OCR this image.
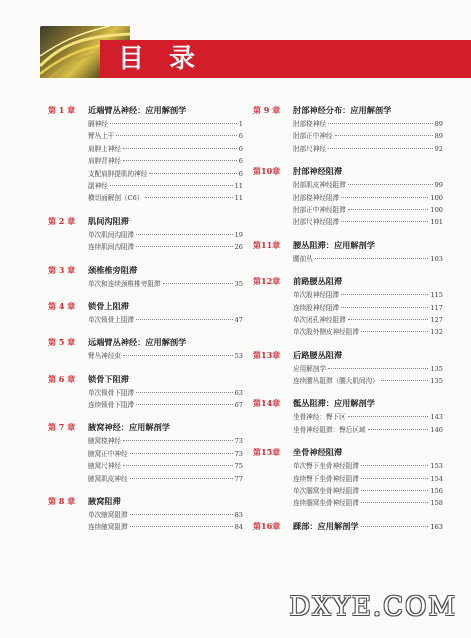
目 录
第 1 章	近端臂丛神经：应用解剖学
膈神经	1
臂丛上干	6
肩胛上神经	6
肩胛背神经	6
支配肩胛提肌的神经	6
副神经	11
横切面解剖（C6）	11
第 2 章	肌间沟阻滞
单次肌间沟阻滞	19
连续肌间沟阻滞	26
第 3 章	颈椎椎旁阻滞
单次和连续颈椎椎旁阻滞	35
第 4 章	锁骨上阻滞
单次锁骨上阻滞	47
第 5 章	远端臂丛神经：应用解剖学
臂丛神经束	53
第 6 章	锁骨下阻滞
单次锁骨下阻滞	63
连续锁骨下阻滞	67
第 7 章	腋窝神经：应用解剖学
腋窝桡神经	73
腋窝正中神经	73
腋窝尺神经	75
腋窝肌皮神经	77
第 8 章	腋窝阻滞
单次腋窝阻滞	83
连续腋窝阻滞	84
第 9 章	肘部神经分布：应用解剖学
肘部桡神经	89
肘部正中神经	89
肘部尺神经	92
第10章	肘部神经阻滞
肘部肌皮神经阻滞	99
肘部桡神经阻滞	100
肘部正中神经阻滞	100
肘部尺神经阻滞	101
第11章	腰丛阻滞：应用解剖学
腰前丛	103
第12章	前路腰丛阻滞
单次股神经阻滞	115
连续股神经阻滞	117
单次闭孔神经阻滞	127
单次股外侧皮神经阻滞	132
第13章	后路腰丛阻滞
应用解剖学	135
连续腰丛阻滞（腰大肌间沟）	135
第14章	骶丛阻滞：应用解剖学
坐骨神经：臀下区	143
坐骨神经阻滞：臀后区域	146
第15章	坐骨神经阻滞
单次臀下坐骨神经阻滞	153
连续臀下坐骨神经阻滞	154
单次腘窝坐骨神经阻滞	156
连续腘窝坐骨神经阻滞	158
第16章	踝部：应用解剖学	163
DXYE.COM
